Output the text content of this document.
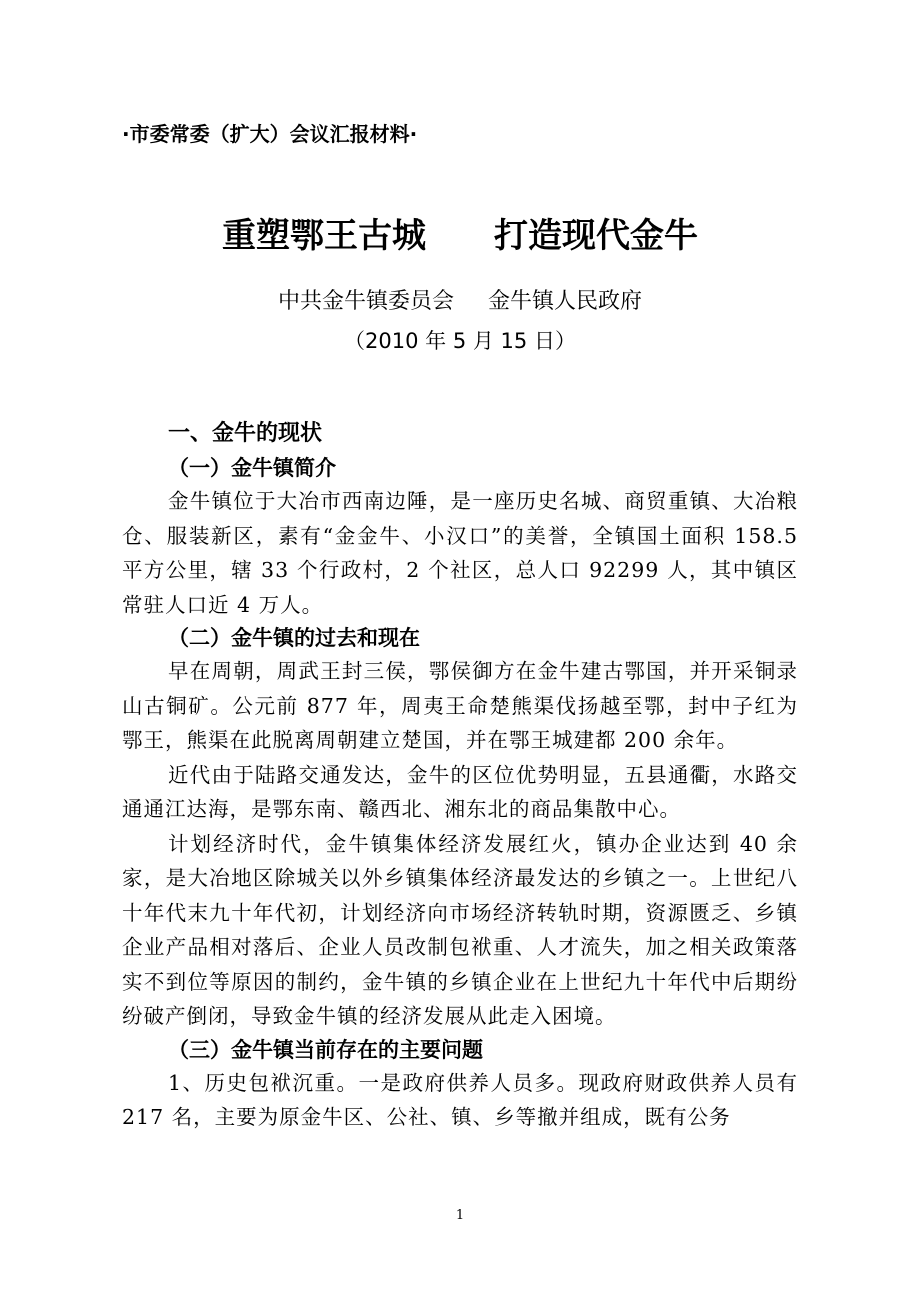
·市委常委（扩大）会议汇报材料·
重塑鄂王古城 打造现代金牛
中共金牛镇委员会 金牛镇人民政府
（2010 年 5 月 15 日）
一、金牛的现状
（一）金牛镇简介

金牛镇位于大冶市西南边陲，是一座历史名城、商贸重镇、大冶粮仓、服装新区，素有“金金牛、小汉口”的美誉，全镇国土面积 158.5 平方公里，辖 33 个行政村，2 个社区，总人口 92299 人，其中镇区常驻人口近 4 万人。

（二）金牛镇的过去和现在

早在周朝，周武王封三侯，鄂侯御方在金牛建古鄂国，并开采铜录山古铜矿。公元前 877 年，周夷王命楚熊渠伐扬越至鄂，封中子红为鄂王，熊渠在此脱离周朝建立楚国，并在鄂王城建都 200 余年。

近代由于陆路交通发达，金牛的区位优势明显，五县通衢，水路交通通江达海，是鄂东南、赣西北、湘东北的商品集散中心。

计划经济时代，金牛镇集体经济发展红火，镇办企业达到 40 余家，是大冶地区除城关以外乡镇集体经济最发达的乡镇之一。上世纪八十年代末九十年代初，计划经济向市场经济转轨时期，资源匮乏、乡镇企业产品相对落后、企业人员改制包袱重、人才流失，加之相关政策落实不到位等原因的制约，金牛镇的乡镇企业在上世纪九十年代中后期纷纷破产倒闭，导致金牛镇的经济发展从此走入困境。

（三）金牛镇当前存在的主要问题

1、历史包袱沉重。一是政府供养人员多。现政府财政供养人员有 217 名，主要为原金牛区、公社、镇、乡等撤并组成，既有公务

1
